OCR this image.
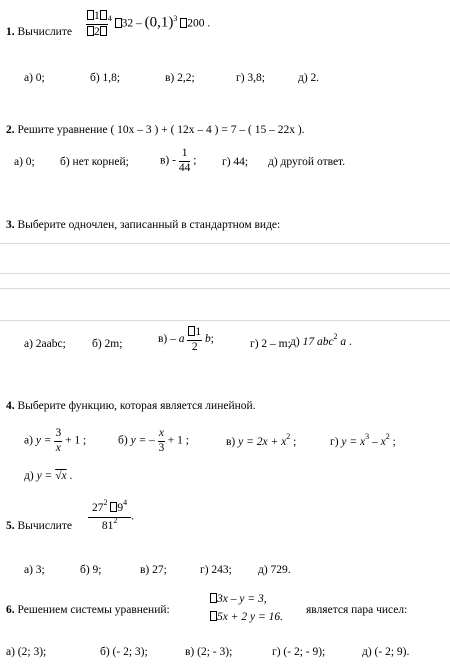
1. Вычислите $\frac{1}{2} ^4$ $32 - (0,1)^3$ 200 .
а) 0;	б) 1,8;	в) 2,2;	г) 3,8;	д) 2.
2. Решите уравнение ( 10x – 3 ) + ( 12x – 4 ) = 7 – ( 15 – 22x ).
а) 0; б) нет корней;	$в) - \frac{1}{44}$ ; г) 44; д) другой ответ.
3. Выберите одночлен, записанный в стандартном виде:
а) 2aabc; б) 2m;	в) – a $\frac{1}{2} b$;	г) 2 – m; д) 17 abc$^2$ a .
4. Выберите функцию, которая является линейной.
а) $y = \frac{3}{x} + 1$ ;	б) y = – $\frac{x}{3} + 1$ ;	в) $y = 2x + x^2$ ;	г) $y = x^3 - x^2$ ;
д) y = √x .
5. Вычислите $\frac{27^2 9^4}{81^2}$ .
а) 3;	б) 9;	в) 27;	г) 243; д) 729.
6. Решением системы уравнений:
3x – y = 3,
5x + 2 y = 16.
является пара чисел:
а) (2; 3);	б) (- 2; 3);	в) (2; - 3);	г) (- 2; - 9);	д) (- 2; 9).
